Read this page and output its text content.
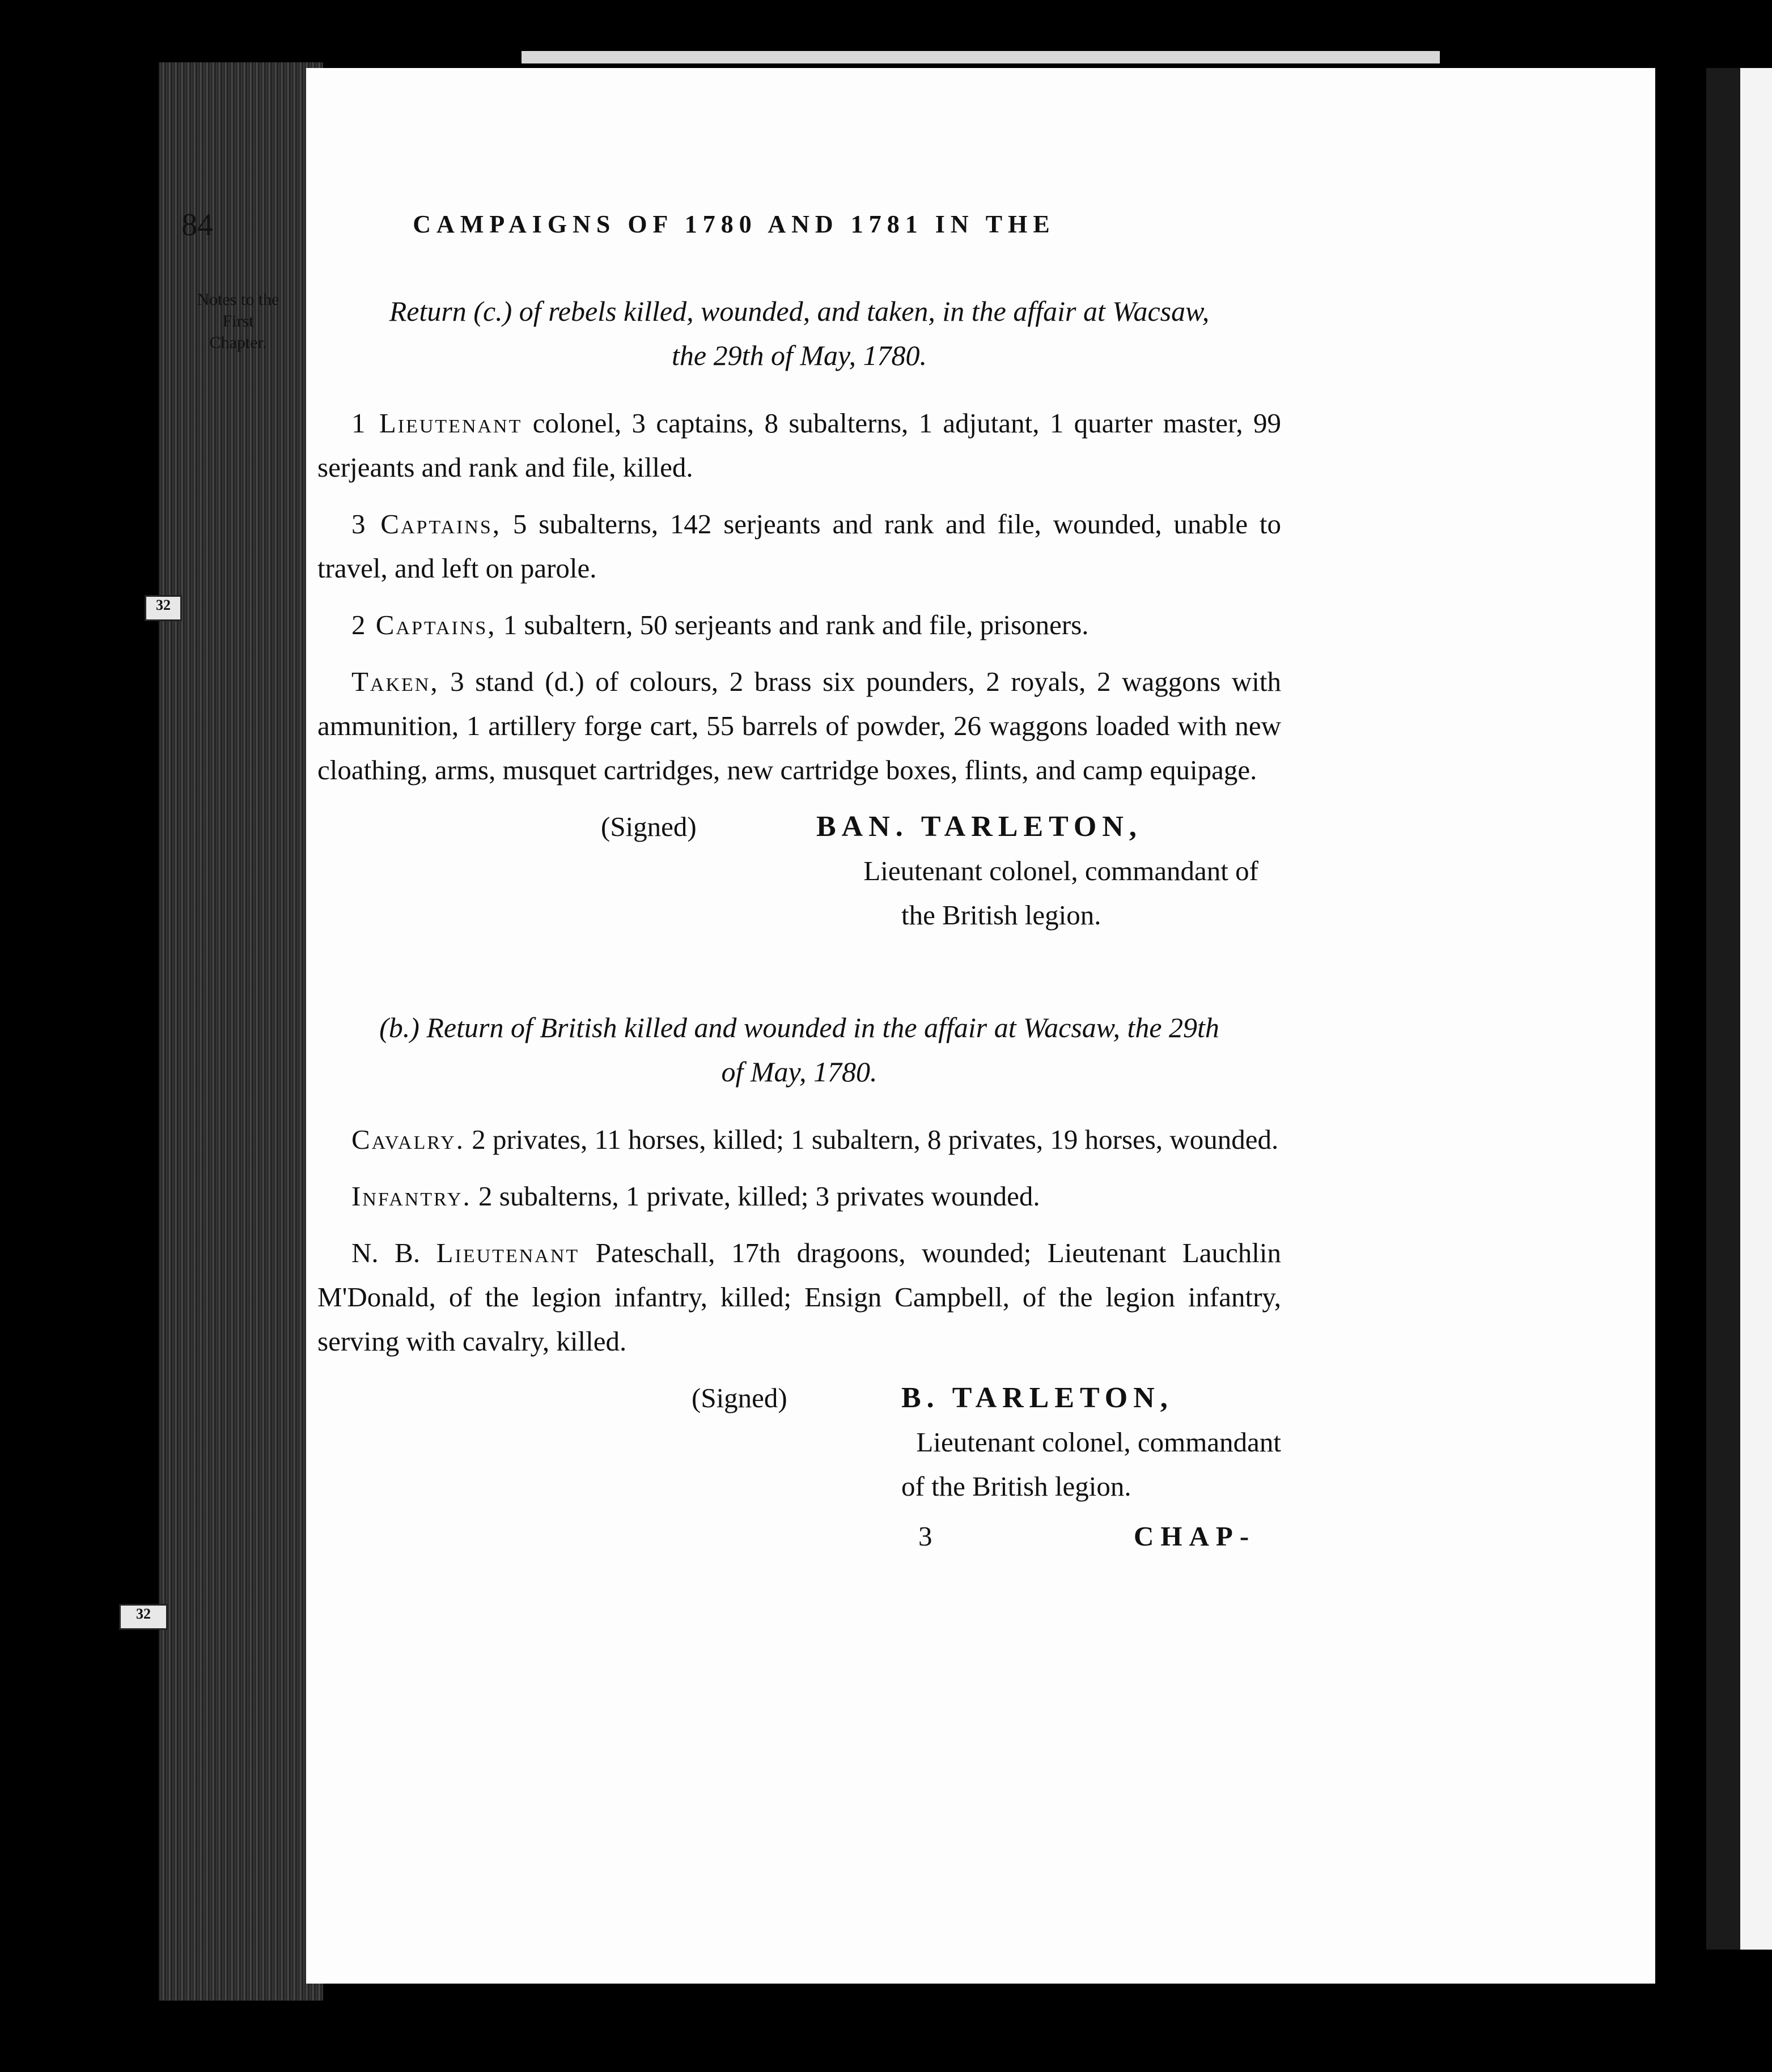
32
32
84	CAMPAIGNS OF 1780 AND 1781 IN THE
Notes to the
First
Chapter.
Return (c.) of rebels killed, wounded, and taken, in the affair at Wacsaw,
the 29th of May, 1780.

1 Lieutenant colonel, 3 captains, 8 subalterns, 1 adjutant, 1 quarter master, 99 serjeants and rank and file, killed.

3 Captains, 5 subalterns, 142 serjeants and rank and file, wounded, unable to travel, and left on parole.

2 Captains, 1 subaltern, 50 serjeants and rank and file, prisoners.

Taken, 3 stand (d.) of colours, 2 brass six pounders, 2 royals, 2 waggons with ammunition, 1 artillery forge cart, 55 barrels of powder, 26 waggons loaded with new cloathing, arms, musquet cartridges, new cartridge boxes, flints, and camp equipage.

(Signed)	BAN. TARLETON,
Lieutenant colonel, commandant of
the British legion.
(b.) Return of British killed and wounded in the affair at Wacsaw, the 29th
of May, 1780.

Cavalry. 2 privates, 11 horses, killed; 1 subaltern, 8 privates, 19 horses, wounded.

Infantry. 2 subalterns, 1 private, killed; 3 privates wounded.

N. B. Lieutenant Pateschall, 17th dragoons, wounded; Lieutenant Lauchlin M'Donald, of the legion infantry, killed; Ensign Campbell, of the legion infantry, serving with cavalry, killed.

(Signed)	B. TARLETON,
Lieutenant colonel, commandant
of the British legion.
3	CHAP-
